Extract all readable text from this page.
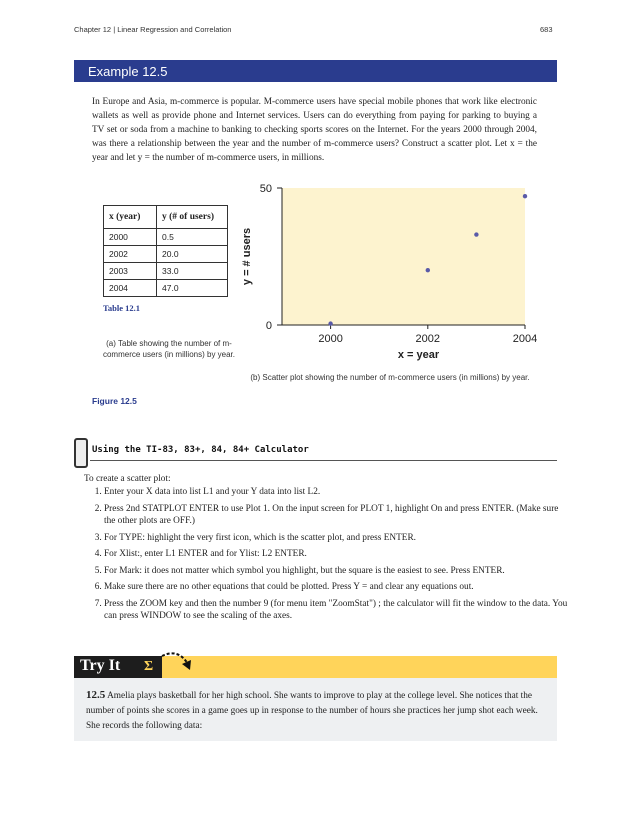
Chapter 12 | Linear Regression and Correlation	683
Example 12.5
In Europe and Asia, m-commerce is popular. M-commerce users have special mobile phones that work like electronic wallets as well as provide phone and Internet services. Users can do everything from paying for parking to buying a TV set or soda from a machine to banking to checking sports scores on the Internet. For the years 2000 through 2004, was there a relationship between the year and the number of m-commerce users? Construct a scatter plot. Let x = the year and let y = the number of m-commerce users, in millions.
x (year)	y (# of users)
2000	0.5
2002	20.0
2003	33.0
2004	47.0
Table 12.1
(a) Table showing the number of m-commerce users (in millions) by year.
2000	2002	2004
0
50
x = year
y = # users
(b) Scatter plot showing the number of m-commerce users (in millions) by year.
Figure 12.5
Using the TI-83, 83+, 84, 84+ Calculator
To create a scatter plot:
1. Enter your X data into list L1 and your Y data into list L2.
2. Press 2nd STATPLOT ENTER to use Plot 1. On the input screen for PLOT 1, highlight On and press ENTER. (Make sure the other plots are OFF.)
3. For TYPE: highlight the very first icon, which is the scatter plot, and press ENTER.
4. For Xlist:, enter L1 ENTER and for Ylist: L2 ENTER.
5. For Mark: it does not matter which symbol you highlight, but the square is the easiest to see. Press ENTER.
6. Make sure there are no other equations that could be plotted. Press Y = and clear any equations out.
7. Press the ZOOM key and then the number 9 (for menu item "ZoomStat") ; the calculator will fit the window to the data. You can press WINDOW to see the scaling of the axes.
Try It Σ
12.5 Amelia plays basketball for her high school. She wants to improve to play at the college level. She notices that the number of points she scores in a game goes up in response to the number of hours she practices her jump shot each week. She records the following data:
